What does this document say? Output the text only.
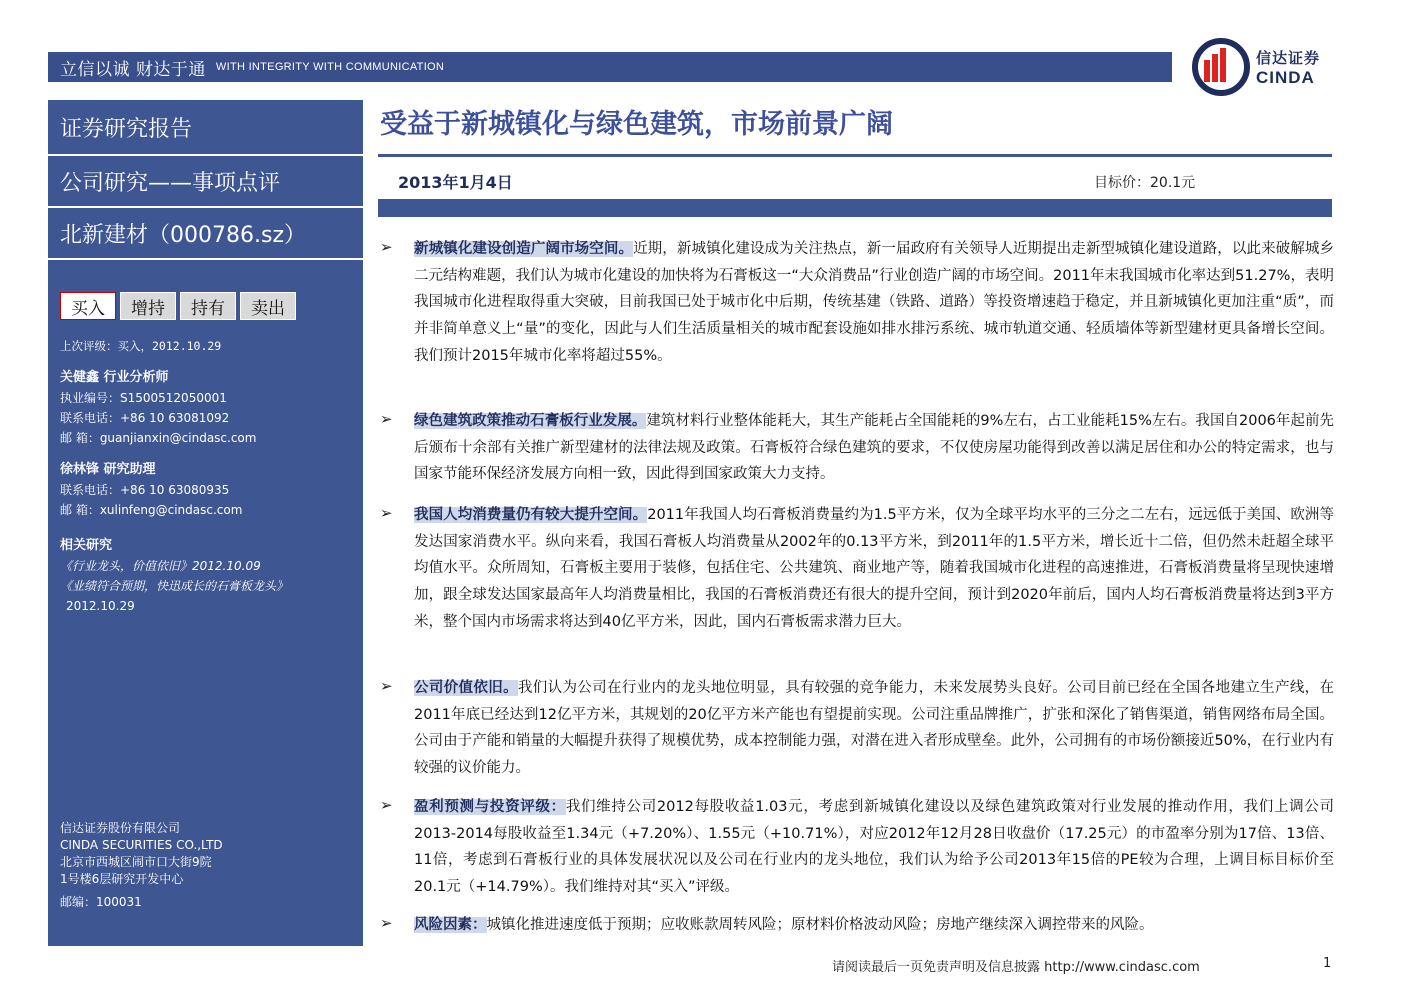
立信以诚 财达于通 WITH INTEGRITY WITH COMMUNICATION
信达证券
CINDA
证券研究报告
公司研究——事项点评
北新建材（000786.sz）
买入	增持	持有	卖出
上次评级：买入，2012.10.29
关健鑫 行业分析师
执业编号：S1500512050001
联系电话：+86 10 63081092
邮 箱：guanjianxin@cindasc.com
徐林锋 研究助理
联系电话：+86 10 63080935
邮 箱：xulinfeng@cindasc.com
相关研究
《行业龙头，价值依旧》2012.10.09
《业绩符合预期，快迅成长的石膏板龙头》
2012.10.29
信达证券股份有限公司
CINDA SECURITIES CO.,LTD
北京市西城区闹市口大街9院
1号楼6层研究开发中心
邮编：100031
受益于新城镇化与绿色建筑，市场前景广阔
2013年1月4日	目标价：20.1元
➢	新城镇化建设创造广阔市场空间。近期，新城镇化建设成为关注热点，新一届政府有关领导人近期提出走新型城镇化建设道路，以此来破解城乡二元结构难题，我们认为城市化建设的加快将为石膏板这一“大众消费品”行业创造广阔的市场空间。2011年末我国城市化率达到51.27%，表明我国城市化进程取得重大突破，目前我国已处于城市化中后期，传统基建（铁路、道路）等投资增速趋于稳定，并且新城镇化更加注重“质”，而并非简单意义上“量”的变化，因此与人们生活质量相关的城市配套设施如排水排污系统、城市轨道交通、轻质墙体等新型建材更具备增长空间。我们预计2015年城市化率将超过55%。
➢	绿色建筑政策推动石膏板行业发展。建筑材料行业整体能耗大，其生产能耗占全国能耗的9%左右，占工业能耗15%左右。我国自2006年起前先后颁布十余部有关推广新型建材的法律法规及政策。石膏板符合绿色建筑的要求，不仅使房屋功能得到改善以满足居住和办公的特定需求，也与国家节能环保经济发展方向相一致，因此得到国家政策大力支持。
➢	我国人均消费量仍有较大提升空间。2011年我国人均石膏板消费量约为1.5平方米，仅为全球平均水平的三分之二左右，远远低于美国、欧洲等发达国家消费水平。纵向来看，我国石膏板人均消费量从2002年的0.13平方米，到2011年的1.5平方米，增长近十二倍，但仍然未赶超全球平均值水平。众所周知，石膏板主要用于装修，包括住宅、公共建筑、商业地产等，随着我国城市化进程的高速推进，石膏板消费量将呈现快速增加，跟全球发达国家最高年人均消费量相比，我国的石膏板消费还有很大的提升空间，预计到2020年前后，国内人均石膏板消费量将达到3平方米，整个国内市场需求将达到40亿平方米，因此，国内石膏板需求潜力巨大。
➢	公司价值依旧。我们认为公司在行业内的龙头地位明显，具有较强的竞争能力，未来发展势头良好。公司目前已经在全国各地建立生产线，在2011年底已经达到12亿平方米，其规划的20亿平方米产能也有望提前实现。公司注重品牌推广，扩张和深化了销售渠道，销售网络布局全国。公司由于产能和销量的大幅提升获得了规模优势，成本控制能力强，对潜在进入者形成壁垒。此外，公司拥有的市场份额接近50%，在行业内有较强的议价能力。
➢	盈利预测与投资评级：我们维持公司2012每股收益1.03元，考虑到新城镇化建设以及绿色建筑政策对行业发展的推动作用，我们上调公司2013-2014每股收益至1.34元（+7.20%）、1.55元（+10.71%），对应2012年12月28日收盘价（17.25元）的市盈率分别为17倍、13倍、11倍，考虑到石膏板行业的具体发展状况以及公司在行业内的龙头地位，我们认为给予公司2013年15倍的PE较为合理，上调目标目标价至20.1元（+14.79%）。我们维持对其“买入”评级。
➢	风险因素：城镇化推进速度低于预期；应收账款周转风险；原材料价格波动风险；房地产继续深入调控带来的风险。
请阅读最后一页免责声明及信息披露 http://www.cindasc.com	1
